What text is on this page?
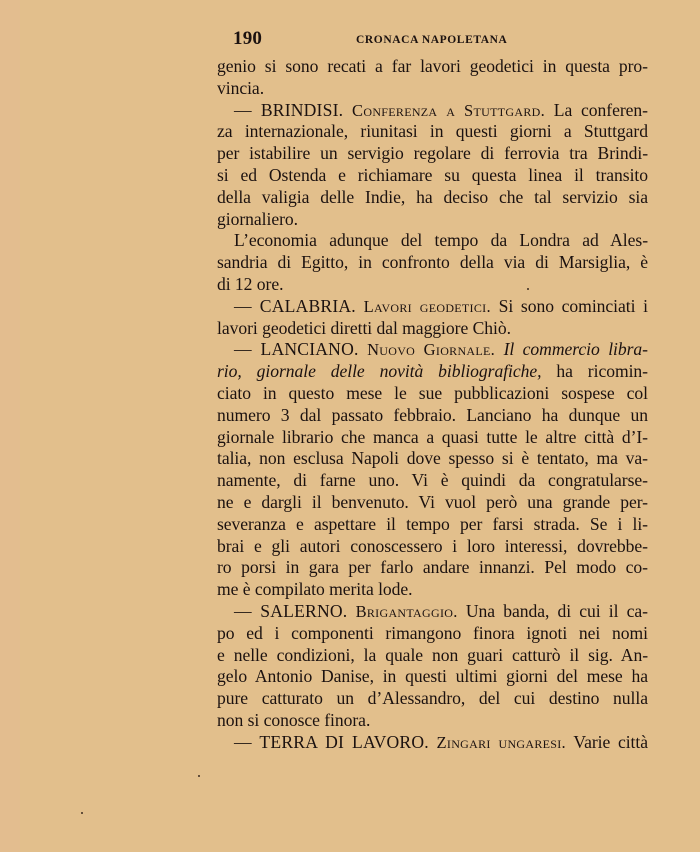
190	CRONACA NAPOLETANA
genio si sono recati a far lavori geodetici in questa pro-
vincia.
— BRINDISI. Conferenza a Stuttgard. La conferen-
za internazionale, riunitasi in questi giorni a Stuttgard
per istabilire un servigio regolare di ferrovia tra Brindi-
si ed Ostenda e richiamare su questa linea il transito
della valigia delle Indie, ha deciso che tal servizio sia
giornaliero.
L’economia adunque del tempo da Londra ad Ales-
sandria di Egitto, in confronto della via di Marsiglia, è
di 12 ore.
— CALABRIA. Lavori geodetici. Si sono cominciati i
lavori geodetici diretti dal maggiore Chiò.
— LANCIANO. Nuovo Giornale. Il commercio libra-
rio, giornale delle novità bibliografiche, ha ricomin-
ciato in questo mese le sue pubblicazioni sospese col
numero 3 dal passato febbraio. Lanciano ha dunque un
giornale librario che manca a quasi tutte le altre città d’I-
talia, non esclusa Napoli dove spesso si è tentato, ma va-
namente, di farne uno. Vi è quindi da congratularse-
ne e dargli il benvenuto. Vi vuol però una grande per-
severanza e aspettare il tempo per farsi strada. Se i li-
brai e gli autori conoscessero i loro interessi, dovrebbe-
ro porsi in gara per farlo andare innanzi. Pel modo co-
me è compilato merita lode.
— SALERNO. Brigantaggio. Una banda, di cui il ca-
po ed i componenti rimangono finora ignoti nei nomi
e nelle condizioni, la quale non guari catturò il sig. An-
gelo Antonio Danise, in questi ultimi giorni del mese ha
pure catturato un d’Alessandro, del cui destino nulla
non si conosce finora.
— TERRA DI LAVORO. Zingari ungaresi. Varie città
